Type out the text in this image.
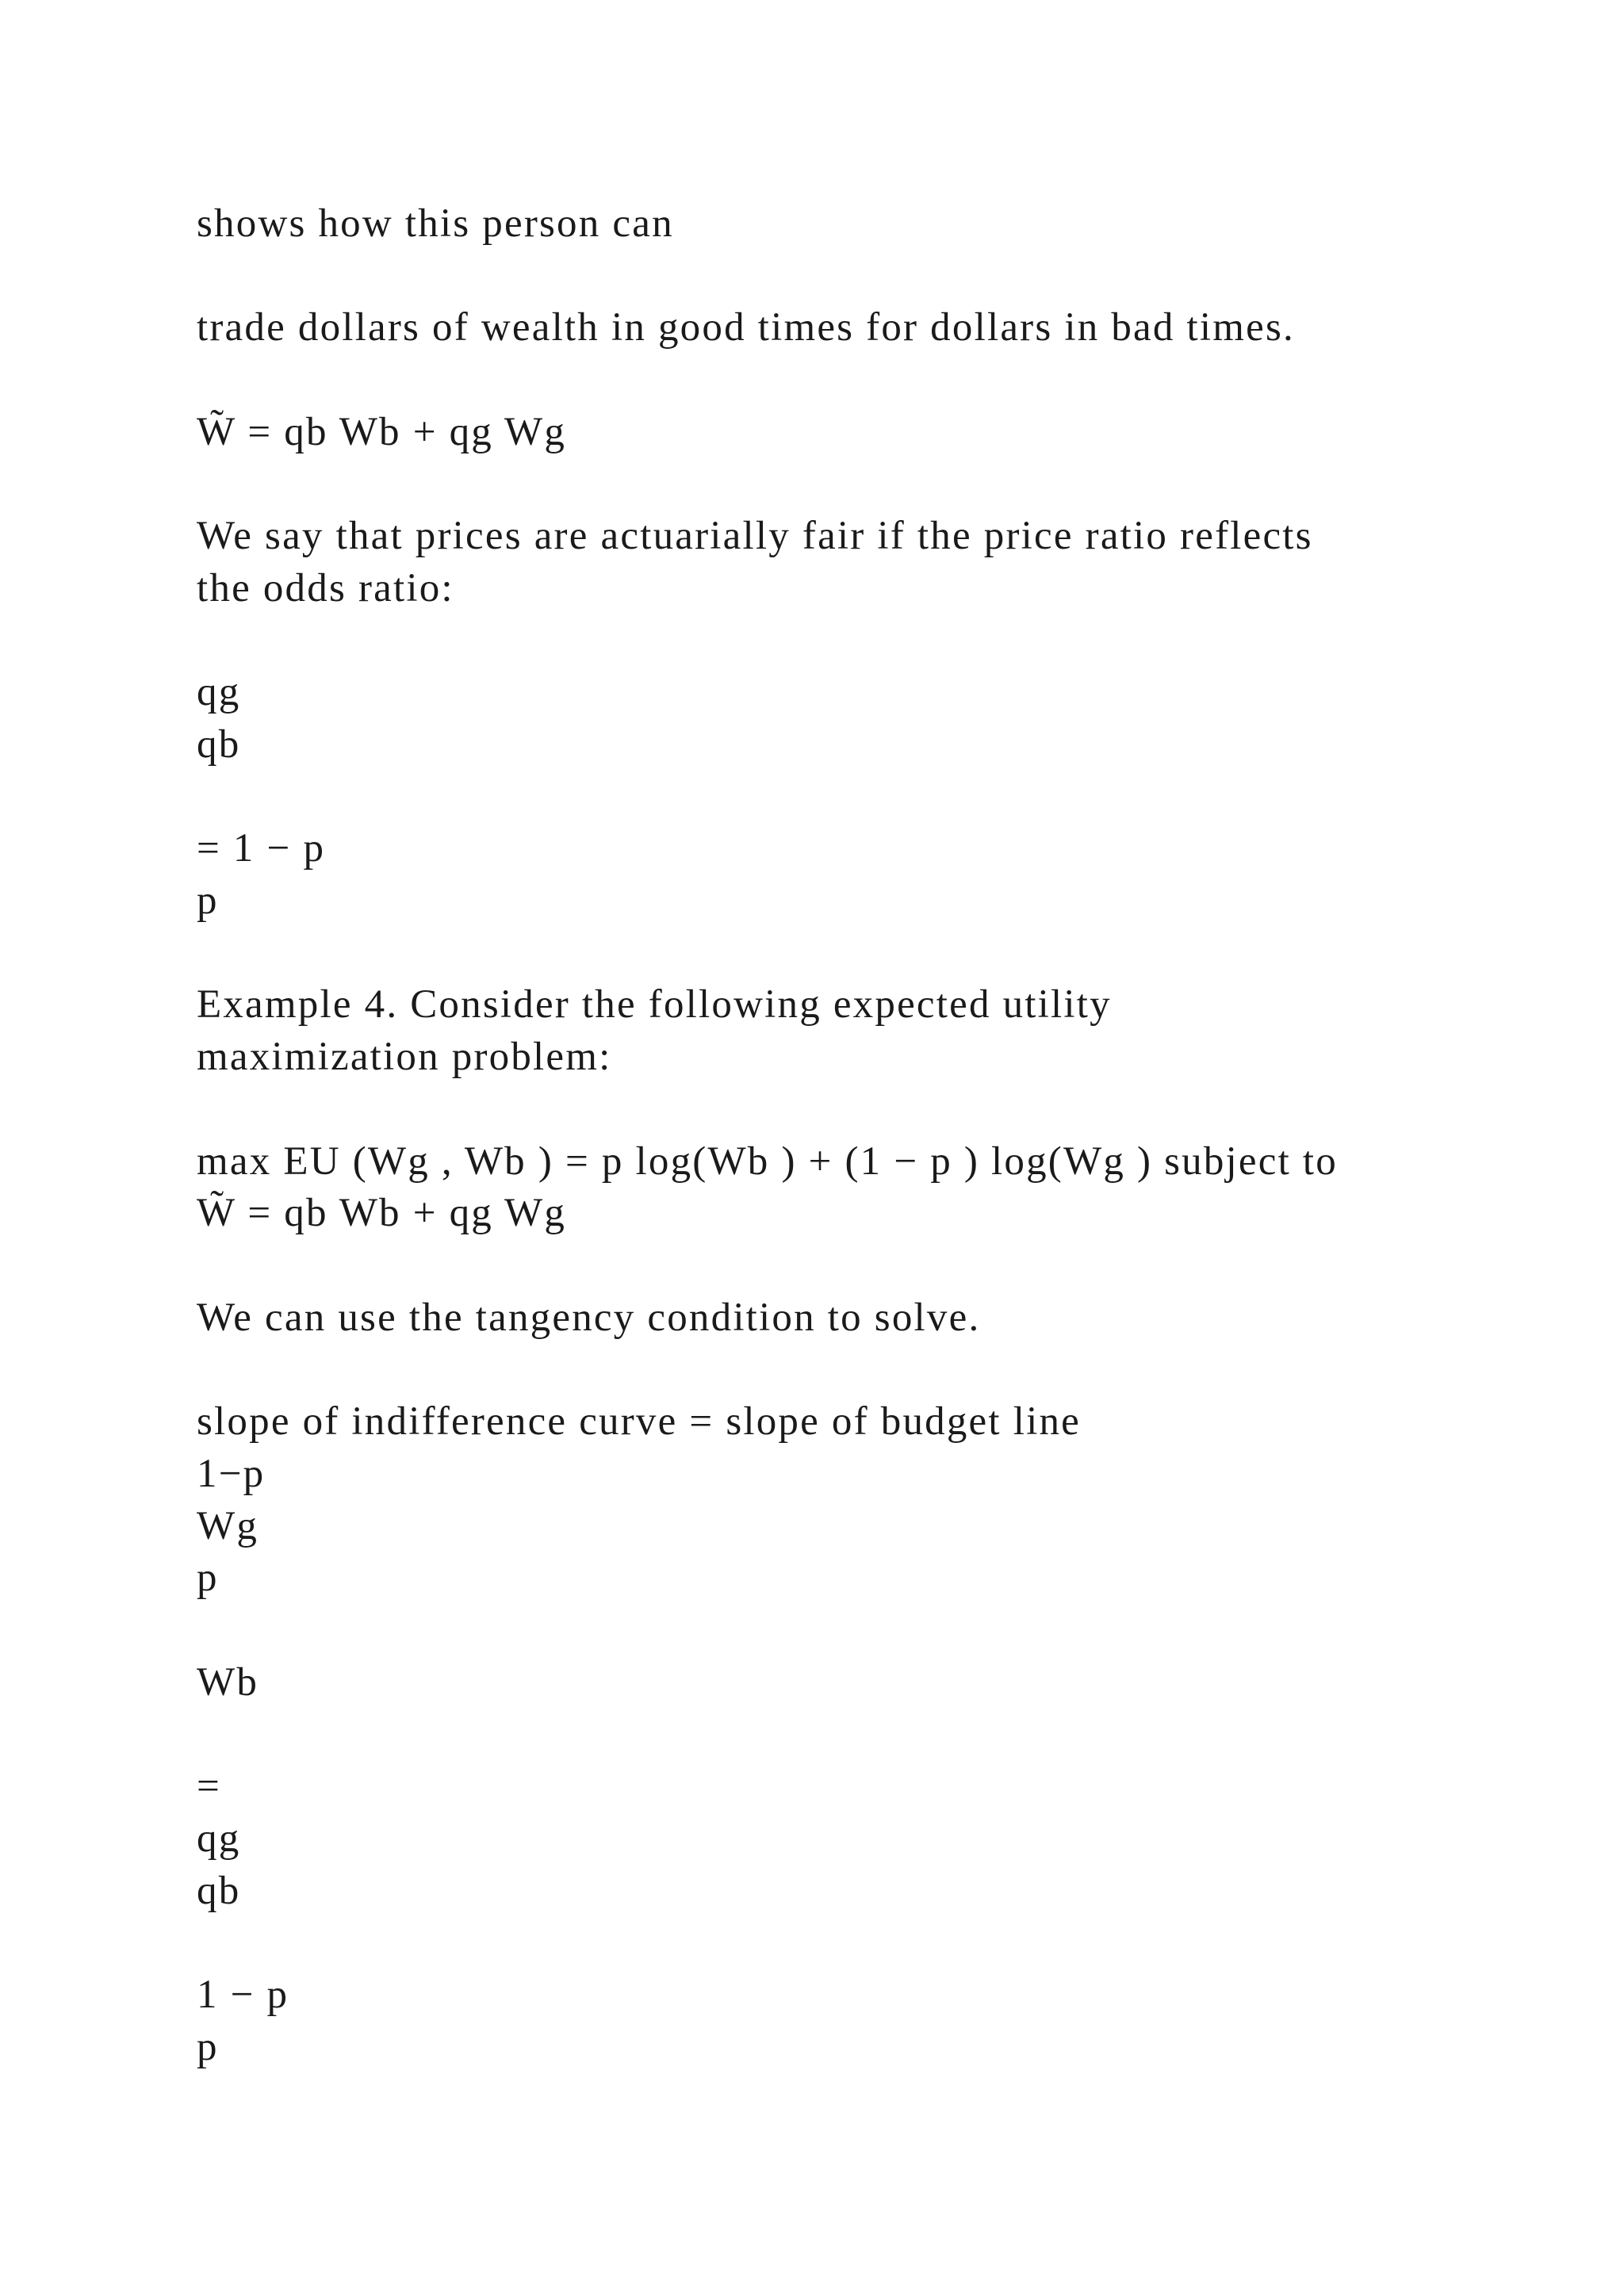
shows how this person can

trade dollars of wealth in good times for dollars in bad times.

W̃ = qb Wb + qg Wg

We say that prices are actuarially fair if the price ratio reflects

the odds ratio:

qg

qb

= 1 − p

p

Example 4. Consider the following expected utility

maximization problem:

max EU (Wg , Wb ) = p log(Wb ) + (1 − p ) log(Wg ) subject to

W̃ = qb Wb + qg Wg

We can use the tangency condition to solve.

slope of indifference curve = slope of budget line

1−p

Wg

p

Wb

=

qg

qb

1 − p

p
